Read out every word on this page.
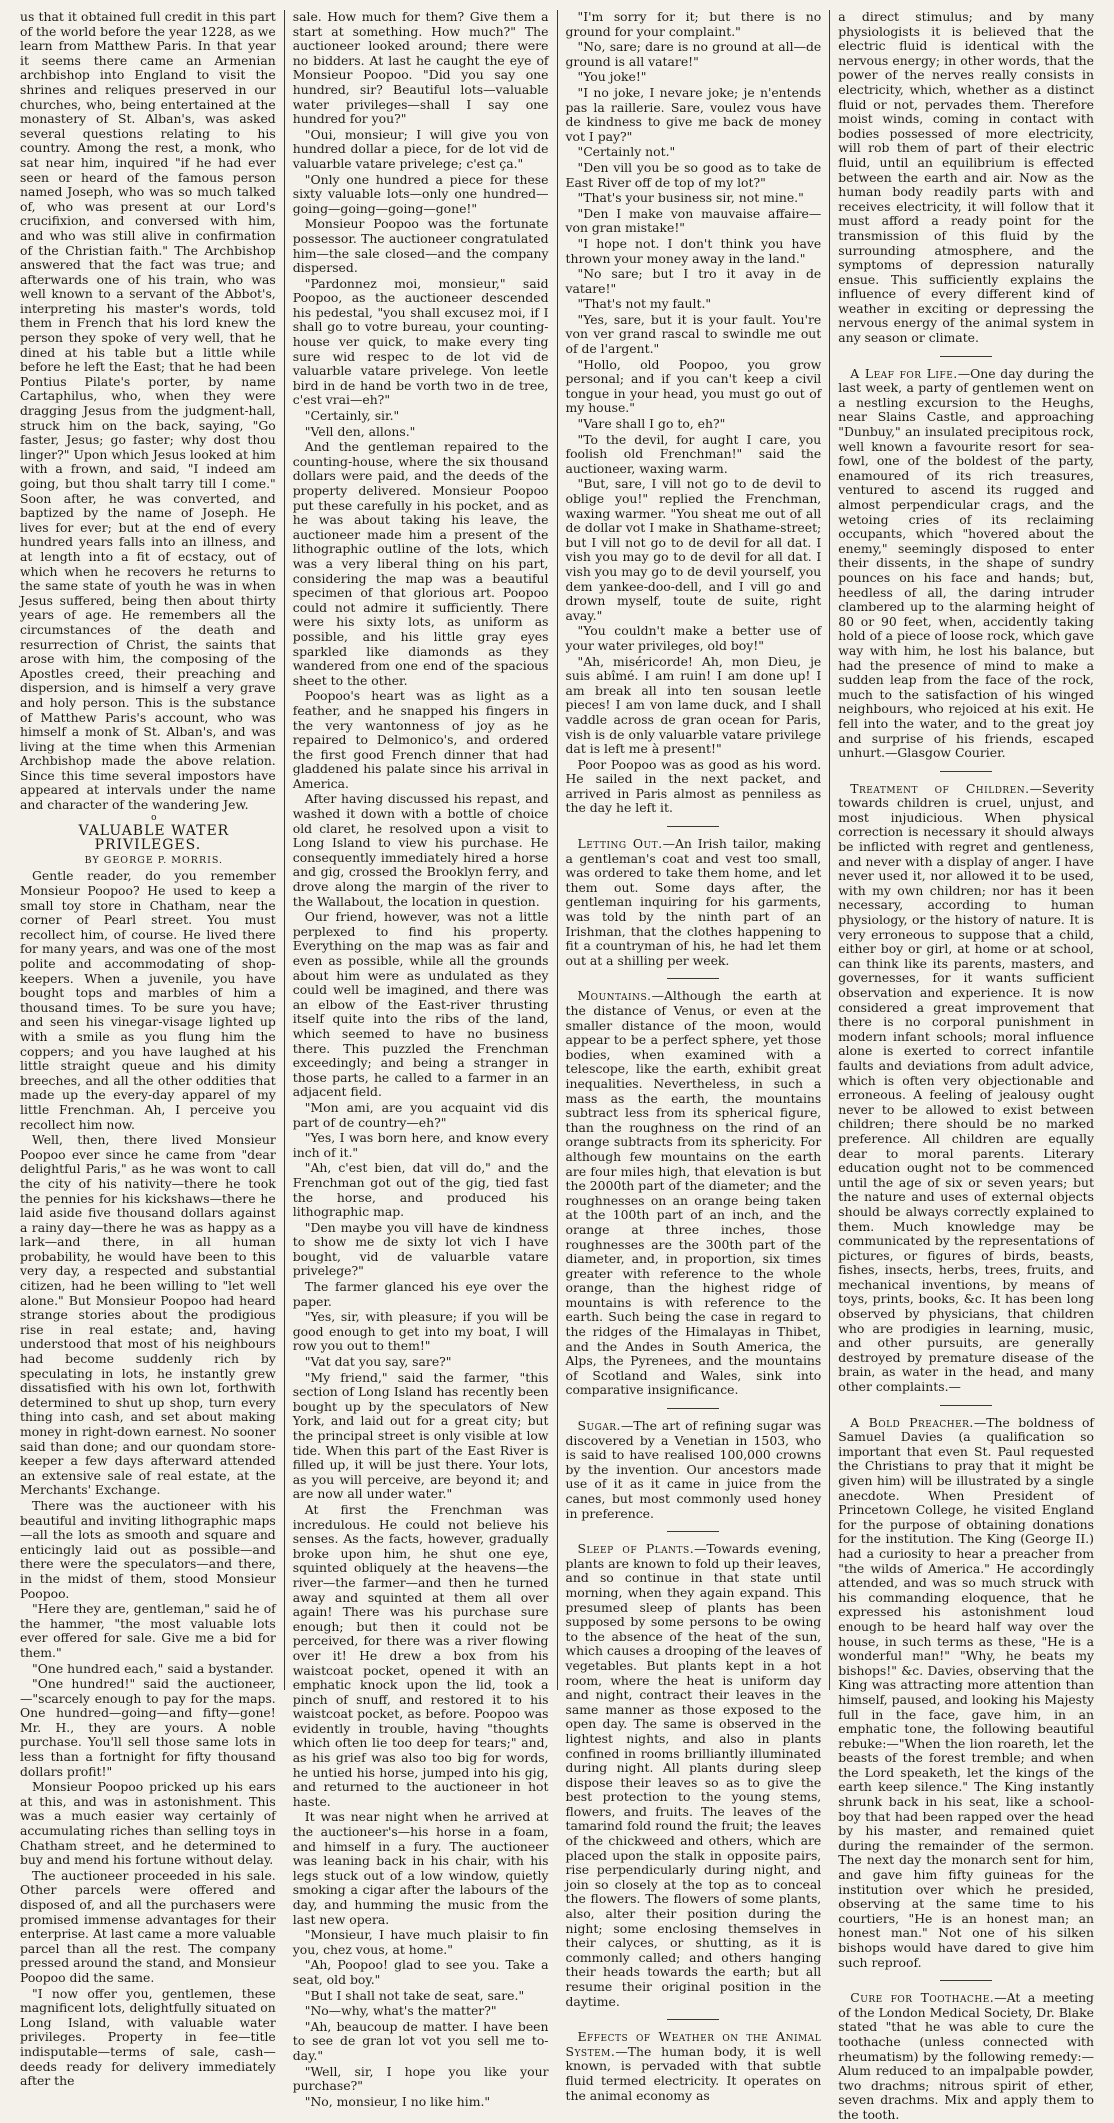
us that it obtained full credit in this part of the world before the year 1228, as we learn from Matthew Paris. In that year it seems there came an Armenian archbishop into England to visit the shrines and reliques preserved in our churches, who, being entertained at the monastery of St. Alban's, was asked several questions relating to his country. Among the rest, a monk, who sat near him, inquired "if he had ever seen or heard of the famous person named Joseph, who was so much talked of, who was present at our Lord's crucifixion, and conversed with him, and who was still alive in confirmation of the Christian faith." The Archbishop answered that the fact was true; and afterwards one of his train, who was well known to a servant of the Abbot's, interpreting his master's words, told them in French that his lord knew the person they spoke of very well, that he dined at his table but a little while before he left the East; that he had been Pontius Pilate's porter, by name Cartaphilus, who, when they were dragging Jesus from the judgment-hall, struck him on the back, saying, "Go faster, Jesus; go faster; why dost thou linger?" Upon which Jesus looked at him with a frown, and said, "I indeed am going, but thou shalt tarry till I come." Soon after, he was converted, and baptized by the name of Joseph. He lives for ever; but at the end of every hundred years falls into an illness, and at length into a fit of ecstacy, out of which when he recovers he returns to the same state of youth he was in when Jesus suffered, being then about thirty years of age. He remembers all the circumstances of the death and resurrection of Christ, the saints that arose with him, the composing of the Apostles creed, their preaching and dispersion, and is himself a very grave and holy person. This is the substance of Matthew Paris's account, who was himself a monk of St. Alban's, and was living at the time when this Armenian Archbishop made the above relation. Since this time several impostors have appeared at intervals under the name and character of the wandering Jew.

o

VALUABLE WATER PRIVILEGES.

BY GEORGE P. MORRIS.

Gentle reader, do you remember Monsieur Poopoo? He used to keep a small toy store in Chatham, near the corner of Pearl street. You must recollect him, of course. He lived there for many years, and was one of the most polite and accommodating of shop-keepers. When a juvenile, you have bought tops and marbles of him a thousand times. To be sure you have; and seen his vinegar-visage lighted up with a smile as you flung him the coppers; and you have laughed at his little straight queue and his dimity breeches, and all the other oddities that made up the every-day apparel of my little Frenchman. Ah, I perceive you recollect him now.

Well, then, there lived Monsieur Poopoo ever since he came from "dear delightful Paris," as he was wont to call the city of his nativity—there he took the pennies for his kickshaws—there he laid aside five thousand dollars against a rainy day—there he was as happy as a lark—and there, in all human probability, he would have been to this very day, a respected and substantial citizen, had he been willing to "let well alone." But Monsieur Poopoo had heard strange stories about the prodigious rise in real estate; and, having understood that most of his neighbours had become suddenly rich by speculating in lots, he instantly grew dissatisfied with his own lot, forthwith determined to shut up shop, turn every thing into cash, and set about making money in right-down earnest. No sooner said than done; and our quondam store-keeper a few days afterward attended an extensive sale of real estate, at the Merchants' Exchange.

There was the auctioneer with his beautiful and inviting lithographic maps—all the lots as smooth and square and enticingly laid out as possible—and there were the speculators—and there, in the midst of them, stood Monsieur Poopoo.

"Here they are, gentleman," said he of the hammer, "the most valuable lots ever offered for sale. Give me a bid for them."

"One hundred each," said a bystander.

"One hundred!" said the auctioneer,—"scarcely enough to pay for the maps. One hundred—going—and fifty—gone! Mr. H., they are yours. A noble purchase. You'll sell those same lots in less than a fortnight for fifty thousand dollars profit!"

Monsieur Poopoo pricked up his ears at this, and was in astonishment. This was a much easier way certainly of accumulating riches than selling toys in Chatham street, and he determined to buy and mend his fortune without delay.

The auctioneer proceeded in his sale. Other parcels were offered and disposed of, and all the purchasers were promised immense advantages for their enterprise. At last came a more valuable parcel than all the rest. The company pressed around the stand, and Monsieur Poopoo did the same.

"I now offer you, gentlemen, these magnificent lots, delightfully situated on Long Island, with valuable water privileges. Property in fee—title indisputable—terms of sale, cash—deeds ready for delivery immediately after the

sale. How much for them? Give them a start at something. How much?" The auctioneer looked around; there were no bidders. At last he caught the eye of Monsieur Poopoo. "Did you say one hundred, sir? Beautiful lots—valuable water privileges—shall I say one hundred for you?"

"Oui, monsieur; I will give you von hundred dollar a piece, for de lot vid de valuarble vatare privelege; c'est ça."

"Only one hundred a piece for these sixty valuable lots—only one hundred—going—going—going—gone!"

Monsieur Poopoo was the fortunate possessor. The auctioneer congratulated him—the sale closed—and the company dispersed.

"Pardonnez moi, monsieur," said Poopoo, as the auctioneer descended his pedestal, "you shall excusez moi, if I shall go to votre bureau, your counting-house ver quick, to make every ting sure wid respec to de lot vid de valuarble vatare privelege. Von leetle bird in de hand be vorth two in de tree, c'est vrai—eh?"

"Certainly, sir."

"Vell den, allons."

And the gentleman repaired to the counting-house, where the six thousand dollars were paid, and the deeds of the property delivered. Monsieur Poopoo put these carefully in his pocket, and as he was about taking his leave, the auctioneer made him a present of the lithographic outline of the lots, which was a very liberal thing on his part, considering the map was a beautiful specimen of that glorious art. Poopoo could not admire it sufficiently. There were his sixty lots, as uniform as possible, and his little gray eyes sparkled like diamonds as they wandered from one end of the spacious sheet to the other.

Poopoo's heart was as light as a feather, and he snapped his fingers in the very wantonness of joy as he repaired to Delmonico's, and ordered the first good French dinner that had gladdened his palate since his arrival in America.

After having discussed his repast, and washed it down with a bottle of choice old claret, he resolved upon a visit to Long Island to view his purchase. He consequently immediately hired a horse and gig, crossed the Brooklyn ferry, and drove along the margin of the river to the Wallabout, the location in question.

Our friend, however, was not a little perplexed to find his property. Everything on the map was as fair and even as possible, while all the grounds about him were as undulated as they could well be imagined, and there was an elbow of the East-river thrusting itself quite into the ribs of the land, which seemed to have no business there. This puzzled the Frenchman exceedingly; and being a stranger in those parts, he called to a farmer in an adjacent field.

"Mon ami, are you acquaint vid dis part of de country—eh?"

"Yes, I was born here, and know every inch of it."

"Ah, c'est bien, dat vill do," and the Frenchman got out of the gig, tied fast the horse, and produced his lithographic map.

"Den maybe you vill have de kindness to show me de sixty lot vich I have bought, vid de valuarble vatare privelege?"

The farmer glanced his eye over the paper.

"Yes, sir, with pleasure; if you will be good enough to get into my boat, I will row you out to them!"

"Vat dat you say, sare?"

"My friend," said the farmer, "this section of Long Island has recently been bought up by the speculators of New York, and laid out for a great city; but the principal street is only visible at low tide. When this part of the East River is filled up, it will be just there. Your lots, as you will perceive, are beyond it; and are now all under water."

At first the Frenchman was incredulous. He could not believe his senses. As the facts, however, gradually broke upon him, he shut one eye, squinted obliquely at the heavens—the river—the farmer—and then he turned away and squinted at them all over again! There was his purchase sure enough; but then it could not be perceived, for there was a river flowing over it! He drew a box from his waistcoat pocket, opened it with an emphatic knock upon the lid, took a pinch of snuff, and restored it to his waistcoat pocket, as before. Poopoo was evidently in trouble, having "thoughts which often lie too deep for tears;" and, as his grief was also too big for words, he untied his horse, jumped into his gig, and returned to the auctioneer in hot haste.

It was near night when he arrived at the auctioneer's—his horse in a foam, and himself in a fury. The auctioneer was leaning back in his chair, with his legs stuck out of a low window, quietly smoking a cigar after the labours of the day, and humming the music from the last new opera.

"Monsieur, I have much plaisir to fin you, chez vous, at home."

"Ah, Poopoo! glad to see you. Take a seat, old boy."

"But I shall not take de seat, sare."

"No—why, what's the matter?"

"Ah, beaucoup de matter. I have been to see de gran lot vot you sell me to-day."

"Well, sir, I hope you like your purchase?"

"No, monsieur, I no like him."

"I'm sorry for it; but there is no ground for your complaint."

"No, sare; dare is no ground at all—de ground is all vatare!"

"You joke!"

"I no joke, I nevare joke; je n'entends pas la raillerie. Sare, voulez vous have de kindness to give me back de money vot I pay?"

"Certainly not."

"Den vill you be so good as to take de East River off de top of my lot?"

"That's your business sir, not mine."

"Den I make von mauvaise affaire—von gran mistake!"

"I hope not. I don't think you have thrown your money away in the land."

"No sare; but I tro it avay in de vatare!"

"That's not my fault."

"Yes, sare, but it is your fault. You're von ver grand rascal to swindle me out of de l'argent."

"Hollo, old Poopoo, you grow personal; and if you can't keep a civil tongue in your head, you must go out of my house."

"Vare shall I go to, eh?"

"To the devil, for aught I care, you foolish old Frenchman!" said the auctioneer, waxing warm.

"But, sare, I vill not go to de devil to oblige you!" replied the Frenchman, waxing warmer. "You sheat me out of all de dollar vot I make in Shathame-street; but I vill not go to de devil for all dat. I vish you may go to de devil for all dat. I vish you may go to de devil yourself, you dem yankee-doo-dell, and I vill go and drown myself, toute de suite, right avay."

"You couldn't make a better use of your water privileges, old boy!"

"Ah, miséricorde! Ah, mon Dieu, je suis abîmé. I am ruin! I am done up! I am break all into ten sousan leetle pieces! I am von lame duck, and I shall vaddle across de gran ocean for Paris, vish is de only valuarble vatare privilege dat is left me à present!"

Poor Poopoo was as good as his word. He sailed in the next packet, and arrived in Paris almost as penniless as the day he left it.

Letting Out.—An Irish tailor, making a gentleman's coat and vest too small, was ordered to take them home, and let them out. Some days after, the gentleman inquiring for his garments, was told by the ninth part of an Irishman, that the clothes happening to fit a countryman of his, he had let them out at a shilling per week.

Mountains.—Although the earth at the distance of Venus, or even at the smaller distance of the moon, would appear to be a perfect sphere, yet those bodies, when examined with a telescope, like the earth, exhibit great inequalities. Nevertheless, in such a mass as the earth, the mountains subtract less from its spherical figure, than the roughness on the rind of an orange subtracts from its sphericity. For although few mountains on the earth are four miles high, that elevation is but the 2000th part of the diameter; and the roughnesses on an orange being taken at the 100th part of an inch, and the orange at three inches, those roughnesses are the 300th part of the diameter, and, in proportion, six times greater with reference to the whole orange, than the highest ridge of mountains is with reference to the earth. Such being the case in regard to the ridges of the Himalayas in Thibet, and the Andes in South America, the Alps, the Pyrenees, and the mountains of Scotland and Wales, sink into comparative insignificance.

Sugar.—The art of refining sugar was discovered by a Venetian in 1503, who is said to have realised 100,000 crowns by the invention. Our ancestors made use of it as it came in juice from the canes, but most commonly used honey in preference.

Sleep of Plants.—Towards evening, plants are known to fold up their leaves, and so continue in that state until morning, when they again expand. This presumed sleep of plants has been supposed by some persons to be owing to the absence of the heat of the sun, which causes a drooping of the leaves of vegetables. But plants kept in a hot room, where the heat is uniform day and night, contract their leaves in the same manner as those exposed to the open day. The same is observed in the lightest nights, and also in plants confined in rooms brilliantly illuminated during night. All plants during sleep dispose their leaves so as to give the best protection to the young stems, flowers, and fruits. The leaves of the tamarind fold round the fruit; the leaves of the chickweed and others, which are placed upon the stalk in opposite pairs, rise perpendicularly during night, and join so closely at the top as to conceal the flowers. The flowers of some plants, also, alter their position during the night; some enclosing themselves in their calyces, or shutting, as it is commonly called; and others hanging their heads towards the earth; but all resume their original position in the daytime.

Effects of Weather on the Animal System.—The human body, it is well known, is pervaded with that subtle fluid termed electricity. It operates on the animal economy as

a direct stimulus; and by many physiologists it is believed that the electric fluid is identical with the nervous energy; in other words, that the power of the nerves really consists in electricity, which, whether as a distinct fluid or not, pervades them. Therefore moist winds, coming in contact with bodies possessed of more electricity, will rob them of part of their electric fluid, until an equilibrium is effected between the earth and air. Now as the human body readily parts with and receives electricity, it will follow that it must afford a ready point for the transmission of this fluid by the surrounding atmosphere, and the symptoms of depression naturally ensue. This sufficiently explains the influence of every different kind of weather in exciting or depressing the nervous energy of the animal system in any season or climate.

A Leaf for Life.—One day during the last week, a party of gentlemen went on a nestling excursion to the Heughs, near Slains Castle, and approaching "Dunbuy," an insulated precipitous rock, well known a favourite resort for sea-fowl, one of the boldest of the party, enamoured of its rich treasures, ventured to ascend its rugged and almost perpendicular crags, and the wetoing cries of its reclaiming occupants, which "hovered about the enemy," seemingly disposed to enter their dissents, in the shape of sundry pounces on his face and hands; but, heedless of all, the daring intruder clambered up to the alarming height of 80 or 90 feet, when, accidently taking hold of a piece of loose rock, which gave way with him, he lost his balance, but had the presence of mind to make a sudden leap from the face of the rock, much to the satisfaction of his winged neighbours, who rejoiced at his exit. He fell into the water, and to the great joy and surprise of his friends, escaped unhurt.—Glasgow Courier.

Treatment of Children.—Severity towards children is cruel, unjust, and most injudicious. When physical correction is necessary it should always be inflicted with regret and gentleness, and never with a display of anger. I have never used it, nor allowed it to be used, with my own children; nor has it been necessary, according to human physiology, or the history of nature. It is very erroneous to suppose that a child, either boy or girl, at home or at school, can think like its parents, masters, and governesses, for it wants sufficient observation and experience. It is now considered a great improvement that there is no corporal punishment in modern infant schools; moral influence alone is exerted to correct infantile faults and deviations from adult advice, which is often very objectionable and erroneous. A feeling of jealousy ought never to be allowed to exist between children; there should be no marked preference. All children are equally dear to moral parents. Literary education ought not to be commenced until the age of six or seven years; but the nature and uses of external objects should be always correctly explained to them. Much knowledge may be communicated by the representations of pictures, or figures of birds, beasts, fishes, insects, herbs, trees, fruits, and mechanical inventions, by means of toys, prints, books, &c. It has been long observed by physicians, that children who are prodigies in learning, music, and other pursuits, are generally destroyed by premature disease of the brain, as water in the head, and many other complaints.—

A Bold Preacher.—The boldness of Samuel Davies (a qualification so important that even St. Paul requested the Christians to pray that it might be given him) will be illustrated by a single anecdote. When President of Princetown College, he visited England for the purpose of obtaining donations for the institution. The King (George II.) had a curiosity to hear a preacher from "the wilds of America." He accordingly attended, and was so much struck with his commanding eloquence, that he expressed his astonishment loud enough to be heard half way over the house, in such terms as these, "He is a wonderful man!" "Why, he beats my bishops!" &c. Davies, observing that the King was attracting more attention than himself, paused, and looking his Majesty full in the face, gave him, in an emphatic tone, the following beautiful rebuke:—"When the lion roareth, let the beasts of the forest tremble; and when the Lord speaketh, let the kings of the earth keep silence." The King instantly shrunk back in his seat, like a school-boy that had been rapped over the head by his master, and remained quiet during the remainder of the sermon. The next day the monarch sent for him, and gave him fifty guineas for the institution over which he presided, observing at the same time to his courtiers, "He is an honest man; an honest man." Not one of his silken bishops would have dared to give him such reproof.

Cure for Toothache.—At a meeting of the London Medical Society, Dr. Blake stated "that he was able to cure the toothache (unless connected with rheumatism) by the following remedy:—Alum reduced to an impalpable powder, two drachms; nitrous spirit of ether, seven drachms. Mix and apply them to the tooth.
